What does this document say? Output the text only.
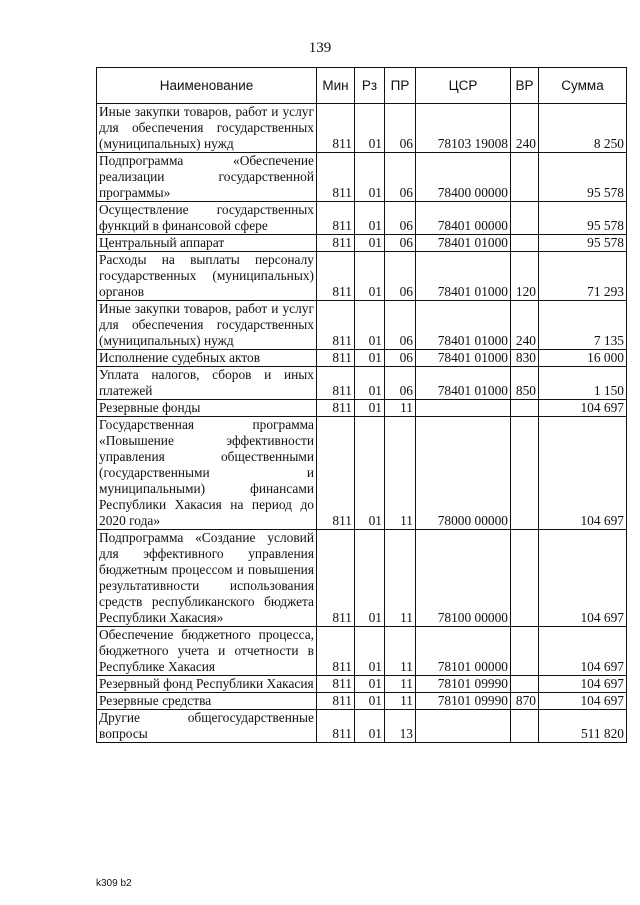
139
Наименование	Мин	Рз	ПР	ЦСР	ВР	Сумма
Иные закупки товаров, работ и услуг для обеспечения государственных (муниципальных) нужд	811	01	06	78103 19008	240	8 250
Подпрограмма «Обеспечение реализации государственной программы»	811	01	06	78400 00000		95 578
Осуществление государственных функций в финансовой сфере	811	01	06	78401 00000		95 578
Центральный аппарат	811	01	06	78401 01000		95 578
Расходы на выплаты персоналу государственных (муниципальных) органов	811	01	06	78401 01000	120	71 293
Иные закупки товаров, работ и услуг для обеспечения государственных (муниципальных) нужд	811	01	06	78401 01000	240	7 135
Исполнение судебных актов	811	01	06	78401 01000	830	16 000
Уплата налогов, сборов и иных платежей	811	01	06	78401 01000	850	1 150
Резервные фонды	811	01	11			104 697
Государственная программа «Повышение эффективности управления общественными (государственными и муниципальными) финансами Республики Хакасия на период до 2020 года»	811	01	11	78000 00000		104 697
Подпрограмма «Создание условий для эффективного управления бюджетным процессом и повышения результативности использования средств республиканского бюджета Республики Хакасия»	811	01	11	78100 00000		104 697
Обеспечение бюджетного процесса, бюджетного учета и отчетности в Республике Хакасия	811	01	11	78101 00000		104 697
Резервный фонд Республики Хакасия	811	01	11	78101 09990		104 697
Резервные средства	811	01	11	78101 09990	870	104 697
Другие общегосударственные вопросы	811	01	13			511 820
k309 b2
